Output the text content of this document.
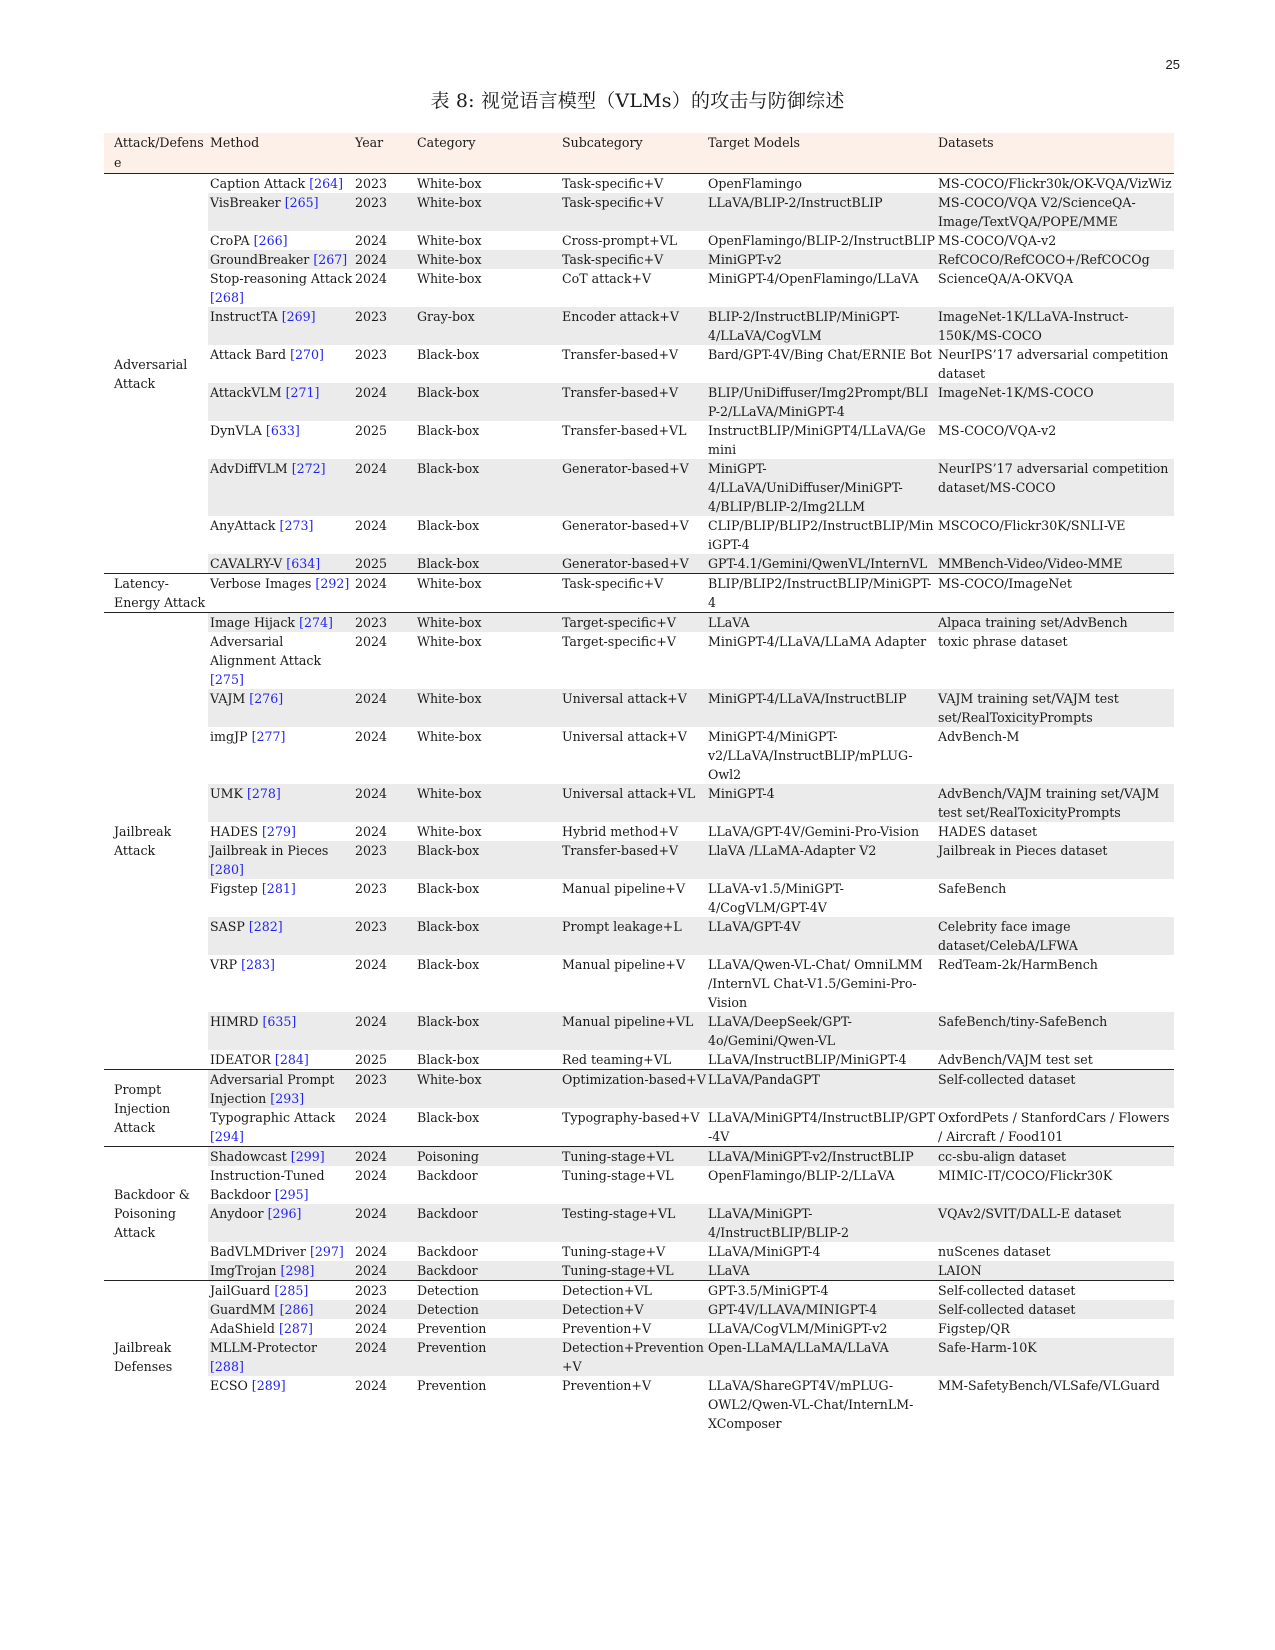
25
表 8: 视觉语言模型（VLMs）的攻击与防御综述
Attack/Defense	Method	Year	Category	Subcategory	Target Models	Datasets
Adversarial Attack	Caption Attack [264]	2023	White-box	Task-specific+V	OpenFlamingo	MS-COCO/Flickr30k/OK-VQA/VizWiz
	VisBreaker [265]	2023	White-box	Task-specific+V	LLaVA/BLIP-2/InstructBLIP	MS-COCO/VQA V2/ScienceQA-Image/TextVQA/POPE/MME
	CroPA [266]	2024	White-box	Cross-prompt+VL	OpenFlamingo/BLIP-2/InstructBLIP	MS-COCO/VQA-v2
	GroundBreaker [267]	2024	White-box	Task-specific+V	MiniGPT-v2	RefCOCO/RefCOCO+/RefCOCOg
	Stop-reasoning Attack [268]	2024	White-box	CoT attack+V	MiniGPT-4/OpenFlamingo/LLaVA	ScienceQA/A-OKVQA
	InstructTA [269]	2023	Gray-box	Encoder attack+V	BLIP-2/InstructBLIP/MiniGPT-4/LLaVA/CogVLM	ImageNet-1K/LLaVA-Instruct-150K/MS-COCO
	Attack Bard [270]	2023	Black-box	Transfer-based+V	Bard/GPT-4V/Bing Chat/ERNIE Bot	NeurIPS’17 adversarial competition dataset
	AttackVLM [271]	2024	Black-box	Transfer-based+V	BLIP/UniDiffuser/Img2Prompt/BLIP-2/LLaVA/MiniGPT-4	ImageNet-1K/MS-COCO
	DynVLA [633]	2025	Black-box	Transfer-based+VL	InstructBLIP/MiniGPT4/LLaVA/Gemini	MS-COCO/VQA-v2
	AdvDiffVLM [272]	2024	Black-box	Generator-based+V	MiniGPT-4/LLaVA/UniDiffuser/MiniGPT-4/BLIP/BLIP-2/Img2LLM	NeurIPS’17 adversarial competition dataset/MS-COCO
	AnyAttack [273]	2024	Black-box	Generator-based+V	CLIP/BLIP/BLIP2/InstructBLIP/MiniGPT-4	MSCOCO/Flickr30K/SNLI-VE
	CAVALRY-V [634]	2025	Black-box	Generator-based+V	GPT-4.1/Gemini/QwenVL/InternVL	MMBench-Video/Video-MME
Latency-Energy Attack	Verbose Images [292]	2024	White-box	Task-specific+V	BLIP/BLIP2/InstructBLIP/MiniGPT-4	MS-COCO/ImageNet
Jailbreak Attack	Image Hijack [274]	2023	White-box	Target-specific+V	LLaVA	Alpaca training set/AdvBench
	Adversarial Alignment Attack [275]	2024	White-box	Target-specific+V	MiniGPT-4/LLaVA/LLaMA Adapter	toxic phrase dataset
	VAJM [276]	2024	White-box	Universal attack+V	MiniGPT-4/LLaVA/InstructBLIP	VAJM training set/VAJM test set/RealToxicityPrompts
	imgJP [277]	2024	White-box	Universal attack+V	MiniGPT-4/MiniGPT-v2/LLaVA/InstructBLIP/mPLUG-Owl2	AdvBench-M
	UMK [278]	2024	White-box	Universal attack+VL	MiniGPT-4	AdvBench/VAJM training set/VAJM test set/RealToxicityPrompts
	HADES [279]	2024	White-box	Hybrid method+V	LLaVA/GPT-4V/Gemini-Pro-Vision	HADES dataset
	Jailbreak in Pieces [280]	2023	Black-box	Transfer-based+V	LlaVA /LLaMA-Adapter V2	Jailbreak in Pieces dataset
	Figstep [281]	2023	Black-box	Manual pipeline+V	LLaVA-v1.5/MiniGPT-4/CogVLM/GPT-4V	SafeBench
	SASP [282]	2023	Black-box	Prompt leakage+L	LLaVA/GPT-4V	Celebrity face image dataset/CelebA/LFWA
	VRP [283]	2024	Black-box	Manual pipeline+V	LLaVA/Qwen-VL-Chat/ OmniLMM /InternVL Chat-V1.5/Gemini-Pro-Vision	RedTeam-2k/HarmBench
	HIMRD [635]	2024	Black-box	Manual pipeline+VL	LLaVA/DeepSeek/GPT-4o/Gemini/Qwen-VL	SafeBench/tiny-SafeBench
	IDEATOR [284]	2025	Black-box	Red teaming+VL	LLaVA/InstructBLIP/MiniGPT-4	AdvBench/VAJM test set
Prompt Injection Attack	Adversarial Prompt Injection [293]	2023	White-box	Optimization-based+V	LLaVA/PandaGPT	Self-collected dataset
	Typographic Attack [294]	2024	Black-box	Typography-based+V	LLaVA/MiniGPT4/InstructBLIP/GPT-4V	OxfordPets / StanfordCars / Flowers / Aircraft / Food101
Backdoor & Poisoning Attack	Shadowcast [299]	2024	Poisoning	Tuning-stage+VL	LLaVA/MiniGPT-v2/InstructBLIP	cc-sbu-align dataset
	Instruction-Tuned Backdoor [295]	2024	Backdoor	Tuning-stage+VL	OpenFlamingo/BLIP-2/LLaVA	MIMIC-IT/COCO/Flickr30K
	Anydoor [296]	2024	Backdoor	Testing-stage+VL	LLaVA/MiniGPT-4/InstructBLIP/BLIP-2	VQAv2/SVIT/DALL-E dataset
	BadVLMDriver [297]	2024	Backdoor	Tuning-stage+V	LLaVA/MiniGPT-4	nuScenes dataset
	ImgTrojan [298]	2024	Backdoor	Tuning-stage+VL	LLaVA	LAION
Jailbreak Defenses	JailGuard [285]	2023	Detection	Detection+VL	GPT-3.5/MiniGPT-4	Self-collected dataset
	GuardMM [286]	2024	Detection	Detection+V	GPT-4V/LLAVA/MINIGPT-4	Self-collected dataset
	AdaShield [287]	2024	Prevention	Prevention+V	LLaVA/CogVLM/MiniGPT-v2	Figstep/QR
	MLLM-Protector [288]	2024	Prevention	Detection+Prevention+V	Open-LLaMA/LLaMA/LLaVA	Safe-Harm-10K
	ECSO [289]	2024	Prevention	Prevention+V	LLaVA/ShareGPT4V/mPLUG-OWL2/Qwen-VL-Chat/InternLM-XComposer	MM-SafetyBench/VLSafe/VLGuard
